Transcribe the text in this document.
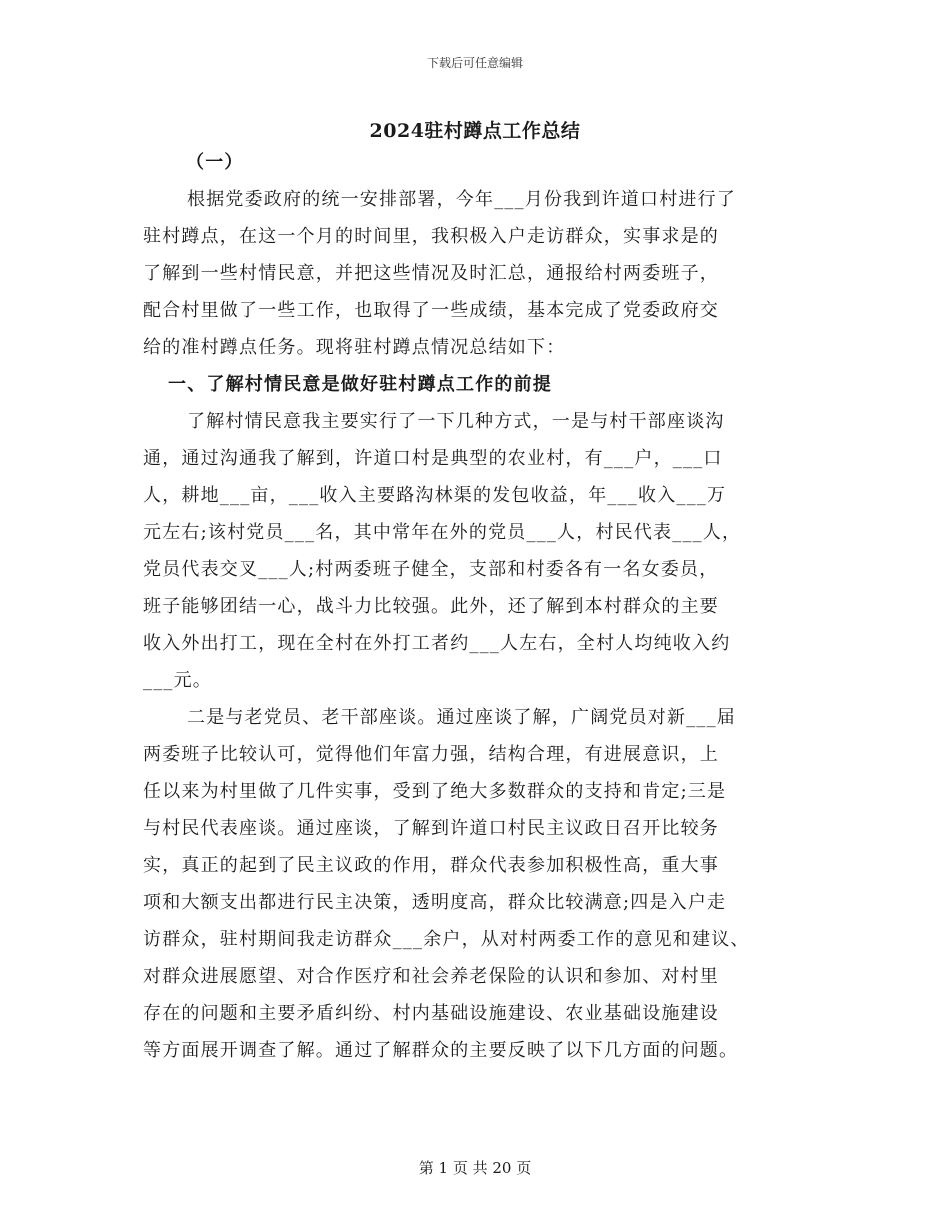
下载后可任意编辑
2024驻村蹲点工作总结
（一）
根据党委政府的统一安排部署，今年___月份我到许道口村进行了
驻村蹲点，在这一个月的时间里，我积极入户走访群众，实事求是的
了解到一些村情民意，并把这些情况及时汇总，通报给村两委班子，
配合村里做了一些工作，也取得了一些成绩，基本完成了党委政府交
给的准村蹲点任务。现将驻村蹲点情况总结如下：
一、了解村情民意是做好驻村蹲点工作的前提
了解村情民意我主要实行了一下几种方式，一是与村干部座谈沟
通，通过沟通我了解到，许道口村是典型的农业村，有___户，___口
人，耕地___亩，___收入主要路沟林渠的发包收益，年___收入___万
元左右;该村党员___名，其中常年在外的党员___人，村民代表___人，
党员代表交叉___人;村两委班子健全，支部和村委各有一名女委员，
班子能够团结一心，战斗力比较强。此外，还了解到本村群众的主要
收入外出打工，现在全村在外打工者约___人左右，全村人均纯收入约
___元。
二是与老党员、老干部座谈。通过座谈了解，广阔党员对新___届
两委班子比较认可，觉得他们年富力强，结构合理，有进展意识，上
任以来为村里做了几件实事，受到了绝大多数群众的支持和肯定;三是
与村民代表座谈。通过座谈，了解到许道口村民主议政日召开比较务
实，真正的起到了民主议政的作用，群众代表参加积极性高，重大事
项和大额支出都进行民主决策，透明度高，群众比较满意;四是入户走
访群众，驻村期间我走访群众___余户，从对村两委工作的意见和建议、
对群众进展愿望、对合作医疗和社会养老保险的认识和参加、对村里
存在的问题和主要矛盾纠纷、村内基础设施建设、农业基础设施建设
等方面展开调查了解。通过了解群众的主要反映了以下几方面的问题。
第 1 页 共 20 页
